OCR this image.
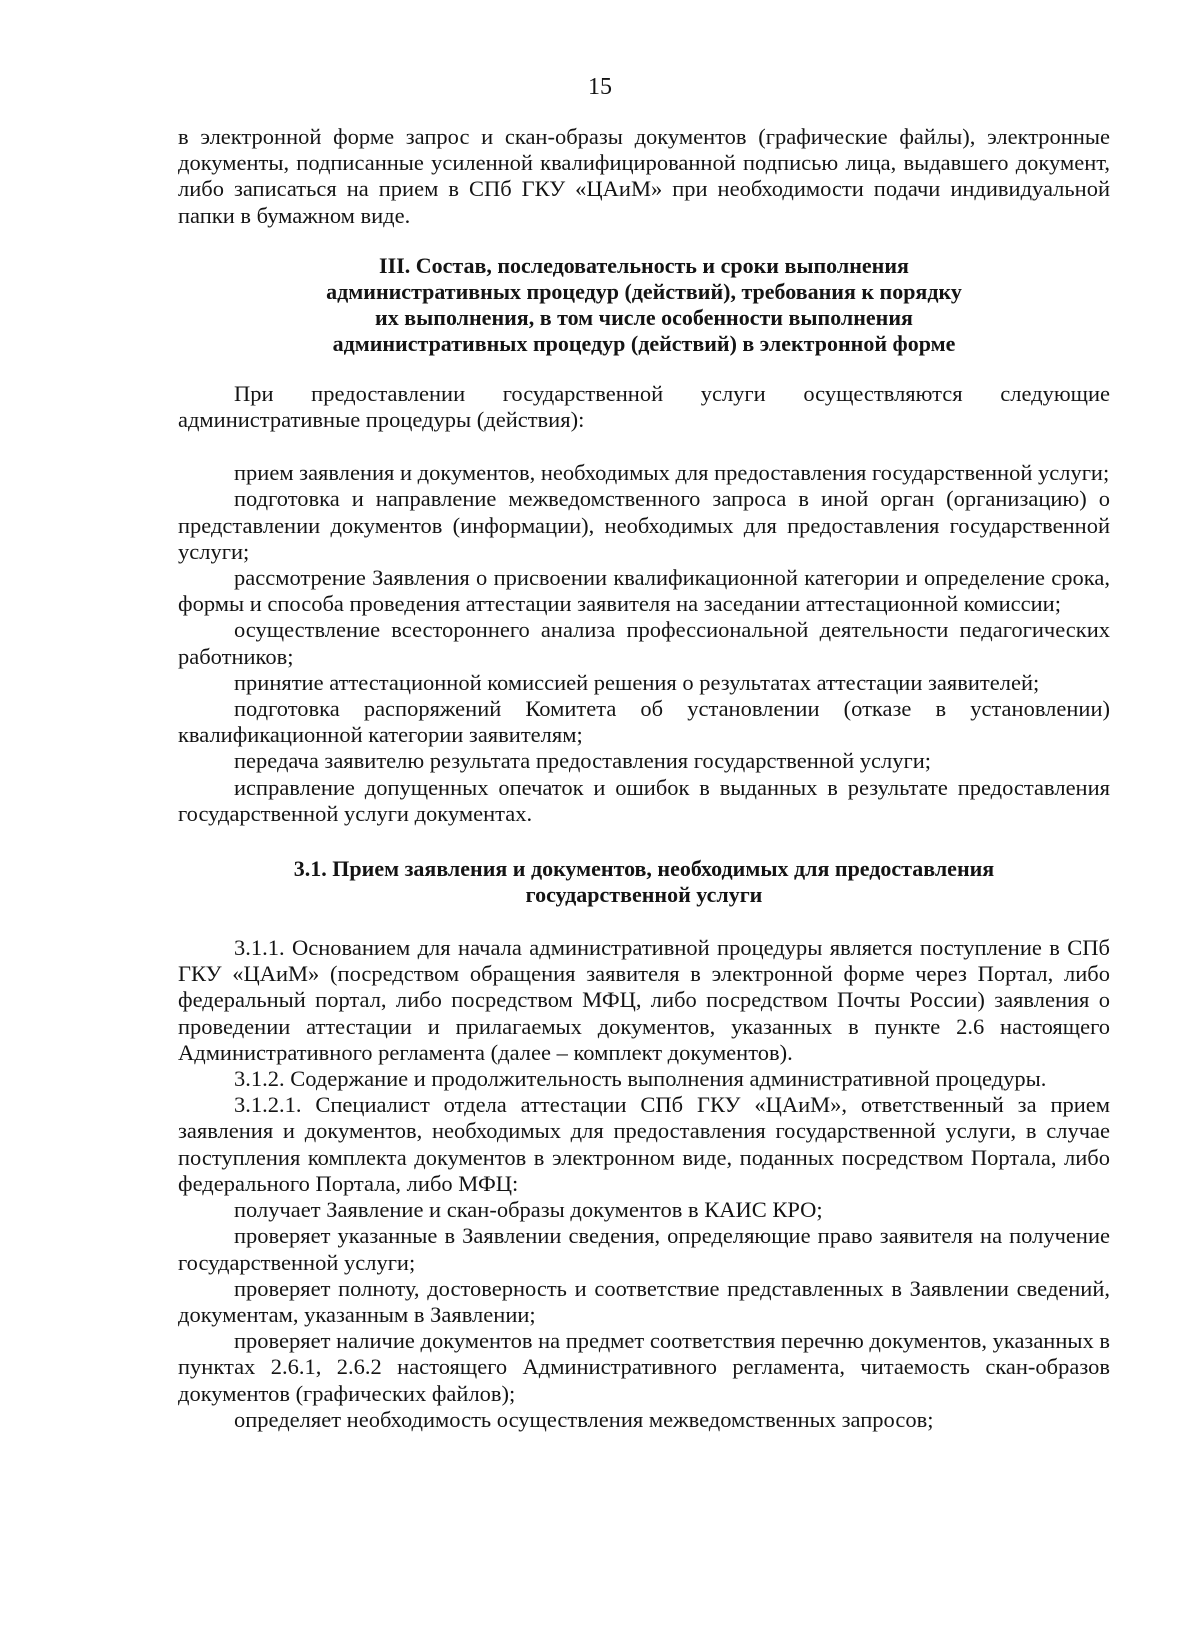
15

в электронной форме запрос и скан-образы документов (графические файлы), электронные документы, подписанные усиленной квалифицированной подписью лица, выдавшего документ, либо записаться на прием в СПб ГКУ «ЦАиМ» при необходимости подачи индивидуальной папки в бумажном виде.

III. Состав, последовательность и сроки выполнения

административных процедур (действий), требования к порядку

их выполнения, в том числе особенности выполнения

административных процедур (действий) в электронной форме

При предоставлении государственной услуги осуществляются следующие административные процедуры (действия):

прием заявления и документов, необходимых для предоставления государственной услуги;

подготовка и направление межведомственного запроса в иной орган (организацию) о представлении документов (информации), необходимых для предоставления государственной услуги;

рассмотрение Заявления о присвоении квалификационной категории и определение срока, формы и способа проведения аттестации заявителя на заседании аттестационной комиссии;

осуществление всестороннего анализа профессиональной деятельности педагогических работников;

принятие аттестационной комиссией решения о результатах аттестации заявителей;

подготовка распоряжений Комитета об установлении (отказе в установлении) квалификационной категории заявителям;

передача заявителю результата предоставления государственной услуги;

исправление допущенных опечаток и ошибок в выданных в результате предоставления государственной услуги документах.

3.1. Прием заявления и документов, необходимых для предоставления

государственной услуги

3.1.1. Основанием для начала административной процедуры является поступление в СПб ГКУ «ЦАиМ» (посредством обращения заявителя в электронной форме через Портал, либо федеральный портал, либо посредством МФЦ, либо посредством Почты России) заявления о проведении аттестации и прилагаемых документов, указанных в пункте 2.6 настоящего Административного регламента (далее – комплект документов).

3.1.2. Содержание и продолжительность выполнения административной процедуры.

3.1.2.1. Специалист отдела аттестации СПб ГКУ «ЦАиМ», ответственный за прием заявления и документов, необходимых для предоставления государственной услуги, в случае поступления комплекта документов в электронном виде, поданных посредством Портала, либо федерального Портала, либо МФЦ:

получает Заявление и скан-образы документов в КАИС КРО;

проверяет указанные в Заявлении сведения, определяющие право заявителя на получение государственной услуги;

проверяет полноту, достоверность и соответствие представленных в Заявлении сведений, документам, указанным в Заявлении;

проверяет наличие документов на предмет соответствия перечню документов, указанных в пунктах 2.6.1, 2.6.2 настоящего Административного регламента, читаемость скан-образов документов (графических файлов);

определяет необходимость осуществления межведомственных запросов;
